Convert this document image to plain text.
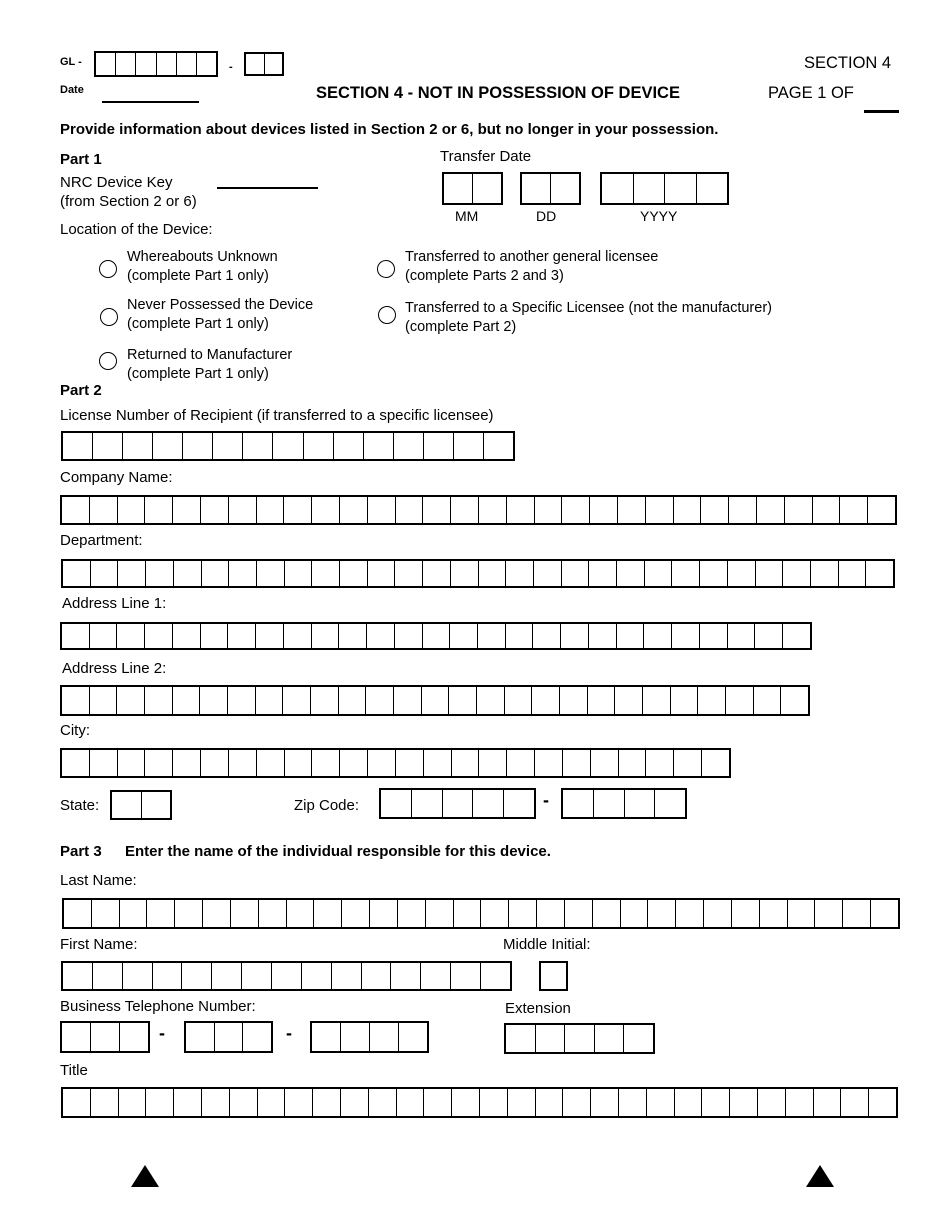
GL -	-
Date
SECTION 4
SECTION 4 - NOT IN POSSESSION OF DEVICE	PAGE 1 OF
Provide information about devices listed in Section 2 or 6, but no longer in your possession.
Part 1
NRC Device Key
(from Section 2 or 6)
Transfer Date
MM	DD	YYYY
Location of the Device:
Whereabouts Unknown
(complete Part 1 only)
Never Possessed the Device
(complete Part 1 only)
Returned to Manufacturer
(complete Part 1 only)
Transferred to another general licensee
(complete Parts 2 and 3)
Transferred to a Specific Licensee (not the manufacturer)
(complete Part 2)
Part 2
License Number of Recipient (if transferred to a specific licensee)
Company Name:
Department:
Address Line 1:
Address Line 2:
City:
State:	Zip Code:	-
Part 3 Enter the name of the individual responsible for this device.
Last Name:
First Name:	Middle Initial:
Business Telephone Number:
-	-
Extension
Title
